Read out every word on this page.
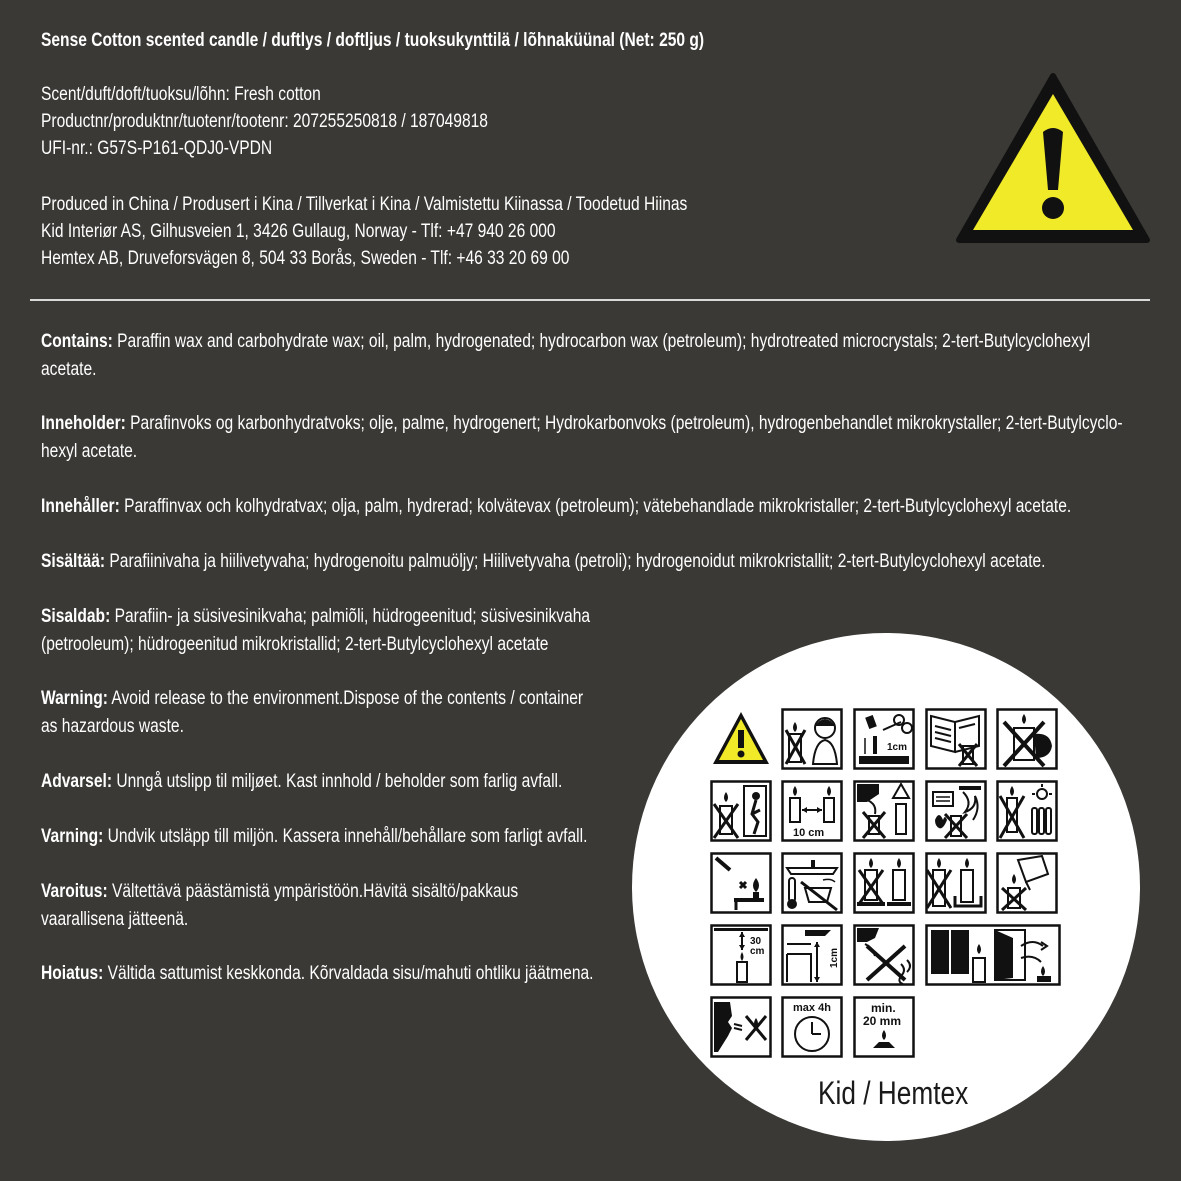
Sense Cotton scented candle / duftlys / doftljus / tuoksukynttilä / lõhnaküünal (Net: 250 g)
Scent/duft/doft/tuoksu/lõhn: Fresh cotton
Productnr/produktnr/tuotenr/tootenr: 207255250818 / 187049818
UFI-nr.: G57S-P161-QDJ0-VPDN
Produced in China / Produsert i Kina / Tillverkat i Kina / Valmistettu Kiinassa / Toodetud Hiinas
Kid Interiør AS, Gilhusveien 1, 3426 Gullaug, Norway - Tlf: +47 940 26 000
Hemtex AB, Druveforsvägen 8, 504 33 Borås, Sweden - Tlf: +46 33 20 69 00
Contains: Paraffin wax and carbohydrate wax; oil, palm, hydrogenated; hydrocarbon wax (petroleum); hydrotreated microcrystals; 2-tert-Butylcyclohexyl
acetate.
Inneholder: Parafinvoks og karbonhydratvoks; olje, palme, hydrogenert; Hydrokarbonvoks (petroleum), hydrogenbehandlet mikrokrystaller; 2-tert-Butylcyclo-
hexyl acetate.
Innehåller: Paraffinvax och kolhydratvax; olja, palm, hydrerad; kolvätevax (petroleum); vätebehandlade mikrokristaller; 2-tert-Butylcyclohexyl acetate.
Sisältää: Parafiinivaha ja hiilivetyvaha; hydrogenoitu palmuöljy; Hiilivetyvaha (petroli); hydrogenoidut mikrokristallit; 2-tert-Butylcyclohexyl acetate.
Sisaldab: Parafiin- ja süsivesinikvaha; palmiõli, hüdrogeenitud; süsivesinikvaha
(petrooleum); hüdrogeenitud mikrokristallid; 2-tert-Butylcyclohexyl acetate
Warning: Avoid release to the environment.Dispose of the contents / container
as hazardous waste.
Advarsel: Unngå utslipp til miljøet. Kast innhold / beholder som farlig avfall.
Varning: Undvik utsläpp till miljön. Kassera innehåll/behållare som farligt avfall.
Varoitus: Vältettävä päästämistä ympäristöön.Hävitä sisältö/pakkaus
vaarallisena jätteenä.
Hoiatus: Vältida sattumist keskkonda. Kõrvaldada sisu/mahuti ohtliku jäätmena.
1cm
10 cm
30
cm	1cm
max 4h	min.
20 mm
Kid / Hemtex
